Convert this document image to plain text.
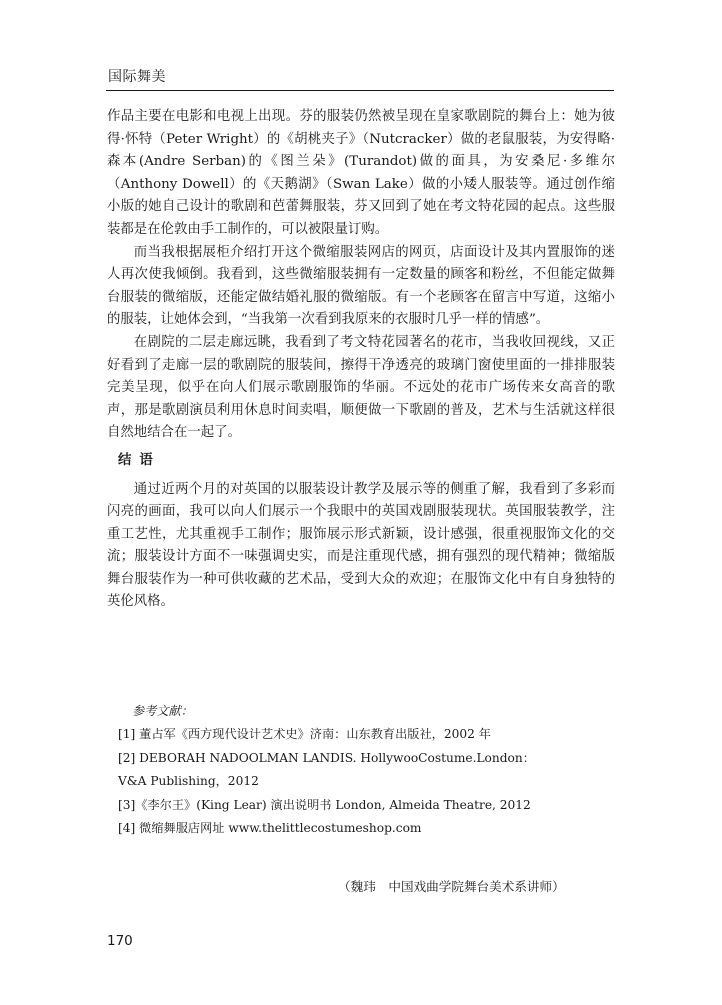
国际舞美

作品主要在电影和电视上出现。芬的服装仍然被呈现在皇家歌剧院的舞台上：她为彼得·怀特（Peter Wright）的《胡桃夹子》（Nutcracker）做的老鼠服装，为安得略·森本(Andre Serban)的《图兰朵》(Turandot)做的面具，为安桑尼·多维尔（Anthony Dowell）的《天鹅湖》（Swan Lake）做的小矮人服装等。通过创作缩小版的她自己设计的歌剧和芭蕾舞服装，芬又回到了她在考文特花园的起点。这些服装都是在伦敦由手工制作的，可以被限量订购。

而当我根据展柜介绍打开这个微缩服装网店的网页，店面设计及其内置服饰的迷人再次使我倾倒。我看到，这些微缩服装拥有一定数量的顾客和粉丝，不但能定做舞台服装的微缩版，还能定做结婚礼服的微缩版。有一个老顾客在留言中写道，这缩小的服装，让她体会到，“当我第一次看到我原来的衣服时几乎一样的情感”。

在剧院的二层走廊远眺，我看到了考文特花园著名的花市，当我收回视线，又正好看到了走廊一层的歌剧院的服装间，擦得干净透亮的玻璃门窗使里面的一排排服装完美呈现，似乎在向人们展示歌剧服饰的华丽。不远处的花市广场传来女高音的歌声，那是歌剧演员利用休息时间卖唱，顺便做一下歌剧的普及，艺术与生活就这样很自然地结合在一起了。

结语

通过近两个月的对英国的以服装设计教学及展示等的侧重了解，我看到了多彩而闪亮的画面，我可以向人们展示一个我眼中的英国戏剧服装现状。英国服装教学，注重工艺性，尤其重视手工制作；服饰展示形式新颖，设计感强，很重视服饰文化的交流；服装设计方面不一味强调史实，而是注重现代感，拥有强烈的现代精神；微缩版舞台服装作为一种可供收藏的艺术品，受到大众的欢迎；在服饰文化中有自身独特的英伦风格。

参考文献：
[1] 董占军《西方现代设计艺术史》济南：山东教育出版社，2002 年
[2] DEBORAH NADOOLMAN LANDIS. HollywooCostume.London：
V&A Publishing，2012
[3]《李尔王》(King Lear) 演出说明书 London, Almeida Theatre, 2012
[4] 微缩舞服店网址 www.thelittlecostumeshop.com
（魏玮　中国戏曲学院舞台美术系讲师）
170
